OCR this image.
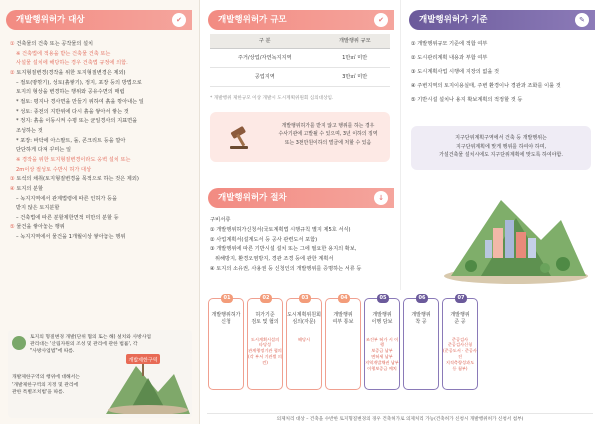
개발행위허가 대상	✔
① 건축물의 건축 또는 공작물의 설치
※ 건축법에 적용을 받는 건축물 건축 또는
사설물 설치에 해당하는 경우 건축법 규정에 의함.
② 토지형질변경(경작을 위한 토지형질변경은 제외)
– 절토(땅깎기), 성토(흙쌓기), 정지, 포장 등의 방법으로
토지의 형상을 변경하는 행위와 공유수면의 매립
* 절토: 평지나 경사면을 만들기 위하여 흙을 깎아내는 일
* 성토: 종전의 지반위에 다시 흙을 쌓아서 쌓는 것
* 정지: 흙을 이동시켜 수평 또는 균일경사의 지표면을
조성하는 것
* 포장: 바닥에 아스팔트, 돌, 콘크리트 등을 깔아
단단하게 다져 꾸미는 일
※ 경작을 위한 토지형질변경이라도 옹벽 설치 또는
2m이상 절성토 수반시 허가 대상
③ 토석의 채취(토지형질변경을 목적으로 하는 것은 제외)
④ 토지의 분할
– 녹지지역에서 관계법령에 따른 인허가 등을
받지 않은 토지분할
– 건축법에 따른 분할제한면적 미만의 분할 등
⑤ 물건을 쌓아놓는 행위
– 녹지지역에서 물건을 1개월이상 쌓아놓는 행위
토지의 형질변경 개발(단위 협의 또는 해) 설치와 사방사업
관리대는 '산림자원의 조성 및 관리에 관한 법률', 각
"사방사업법"에 따름.
개발제한구역의 행위에 대해서는
'개발제한구역의 지정 및 관리에
관한 특별조치법'을 따름.
개발제한구역
개발행위허가 규모	✔
구 분	개발행위 규모
주거/상업/자연녹지지역	1만㎡ 미만
공업지역	3만㎡ 미만
* 개발행위 제한규모 이상 개발시 도시계획위원회 심의대상임.
개발행위허가를 받지 않고 행위를 하는 경우
수사기관에 고발될 수 있으며, 3년 이하의 징역
또는 3천만원이하의 벌금에 처할 수 있음
개발행위허가 절차	↓
구비서류
① 개발행위허가신청서(국토계획법 시행규칙 별지 제5호 서식)
② 사업계획서(설계도서 등 공사 관련도서 포함)
③ 개발행위에 따른 기반시설 설치 또는 그에 필요한 용지의 확보,
위해방지, 환경오염방지, 경관 조경 등에 관한 계획서
④ 토지의 소유권, 사용권 등 신청인의 개발행위를 증명하는 서류 등
01
개발행위허가
신청
02
허가기준
검토 및 협의
도시계획시설의
타당성
관계행정기관 협의
(각 부서 기관별 의견)
03
도시계획위원회
심의(자문)
해당시
04
개발행위
여부 통보
05
개발행위
이행 담보
조건부 허가 시 이행
보증금 납부
면허세 납부
지역개발채권 납부
이행보증금 예치
06
개발행위
착 공
07
개발행위
준 공
준공검사
준공검사신청
(준공도서 · 준공사진
지적측량성과도
등 첨부)
의제처리 대상 – 건축을 수반한 토지형질변경의 경우 건축허가로 의제처리 가능(건축허가 신청시 개발행위허가 신청서 첨부)
개발행위허가 기준	✎
① 개발행위규모 기준에 적합 여부
② 도시관리계획 내용과 부합 여부
③ 도시계획사업 시행에 지장의 없을 것
④ 주변지역의 토지이용실태, 주변 환경이나 경관과 조화를 이룰 것
⑤ 기반시설 설치나 용지 확보계획의 적정할 것 등
지구단위계획구역에서 건축 등 개발행위는
지구단위계획에 맞게 행위를 하여야 하며,
가설건축물 설치시에도 지구단위계획에 맞도록 하여야함.
